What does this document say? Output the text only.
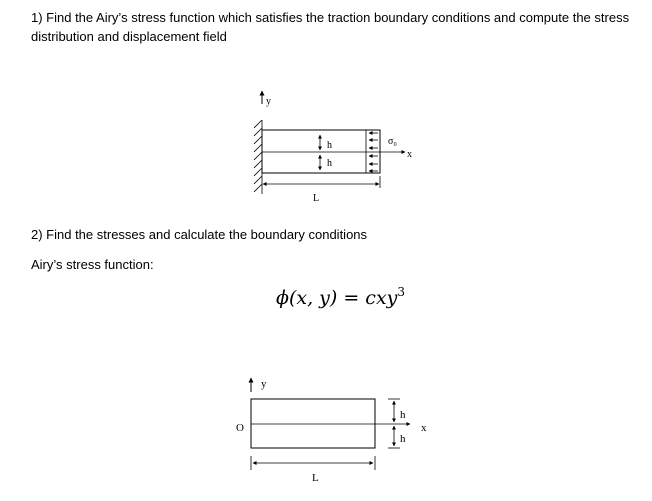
1) Find the Airy’s stress function which satisfies the traction boundary conditions and compute the stress distribution and displacement field

y
h
h
σ₀
x
L

2) Find the stresses and calculate the boundary conditions

Airy’s stress function:

ϕ(x, y) = cxy$^3$
y
O
h
h
x
L
